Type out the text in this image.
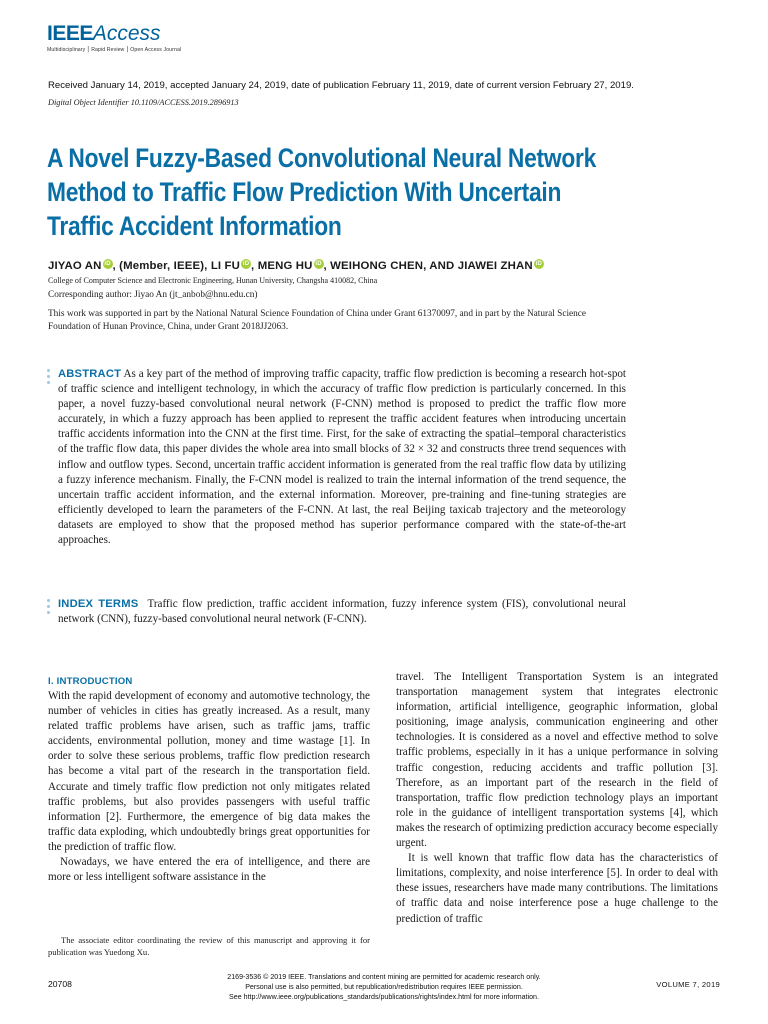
IEEEAccess
Multidisciplinary ⎮ Rapid Review ⎮ Open Access Journal
Received January 14, 2019, accepted January 24, 2019, date of publication February 11, 2019, date of current version February 27, 2019.
Digital Object Identifier 10.1109/ACCESS.2019.2896913
A Novel Fuzzy-Based Convolutional Neural Network Method to Traffic Flow Prediction With Uncertain Traffic Accident Information
JIYAO AN iD , (Member, IEEE), LI FU iD , MENG HU iD , WEIHONG CHEN, AND JIAWEI ZHAN iD
College of Computer Science and Electronic Engineering, Hunan University, Changsha 410082, China
Corresponding author: Jiyao An (jt_anbob@hnu.edu.cn)
This work was supported in part by the National Natural Science Foundation of China under Grant 61370097, and in part by the Natural Science Foundation of Hunan Province, China, under Grant 2018JJ2063.
ABSTRACT As a key part of the method of improving traffic capacity, traffic flow prediction is becoming a research hot-spot of traffic science and intelligent technology, in which the accuracy of traffic flow prediction is particularly concerned. In this paper, a novel fuzzy-based convolutional neural network (F-CNN) method is proposed to predict the traffic flow more accurately, in which a fuzzy approach has been applied to represent the traffic accident features when introducing uncertain traffic accidents information into the CNN at the first time. First, for the sake of extracting the spatial–temporal characteristics of the traffic flow data, this paper divides the whole area into small blocks of 32 × 32 and constructs three trend sequences with inflow and outflow types. Second, uncertain traffic accident information is generated from the real traffic flow data by utilizing a fuzzy inference mechanism. Finally, the F-CNN model is realized to train the internal information of the trend sequence, the uncertain traffic accident information, and the external information. Moreover, pre-training and fine-tuning strategies are efficiently developed to learn the parameters of the F-CNN. At last, the real Beijing taxicab trajectory and the meteorology datasets are employed to show that the proposed method has superior performance compared with the state-of-the-art approaches.
INDEX TERMS Traffic flow prediction, traffic accident information, fuzzy inference system (FIS), convolutional neural network (CNN), fuzzy-based convolutional neural network (F-CNN).
I. INTRODUCTION

With the rapid development of economy and automotive technology, the number of vehicles in cities has greatly increased. As a result, many related traffic problems have arisen, such as traffic jams, traffic accidents, environmental pollution, money and time wastage [1]. In order to solve these serious problems, traffic flow prediction research has become a vital part of the research in the transportation field. Accurate and timely traffic flow prediction not only mitigates related traffic problems, but also provides passengers with useful traffic information [2]. Furthermore, the emergence of big data makes the traffic data exploding, which undoubtedly brings great opportunities for the prediction of traffic flow.

Nowadays, we have entered the era of intelligence, and there are more or less intelligent software assistance in the

The associate editor coordinating the review of this manuscript and approving it for publication was Yuedong Xu.

travel. The Intelligent Transportation System is an integrated transportation management system that integrates electronic information, artificial intelligence, geographic information, global positioning, image analysis, communication engineering and other technologies. It is considered as a novel and effective method to solve traffic problems, especially in it has a unique performance in solving traffic congestion, reducing accidents and traffic pollution [3]. Therefore, as an important part of the research in the field of transportation, traffic flow prediction technology plays an important role in the guidance of intelligent transportation systems [4], which makes the research of optimizing prediction accuracy become especially urgent.

It is well known that traffic flow data has the characteristics of limitations, complexity, and noise interference [5]. In order to deal with these issues, researchers have made many contributions. The limitations of traffic data and noise interference pose a huge challenge to the prediction of traffic

20708
2169-3536 © 2019 IEEE. Translations and content mining are permitted for academic research only.
Personal use is also permitted, but republication/redistribution requires IEEE permission.
See http://www.ieee.org/publications_standards/publications/rights/index.html for more information.
VOLUME 7, 2019
